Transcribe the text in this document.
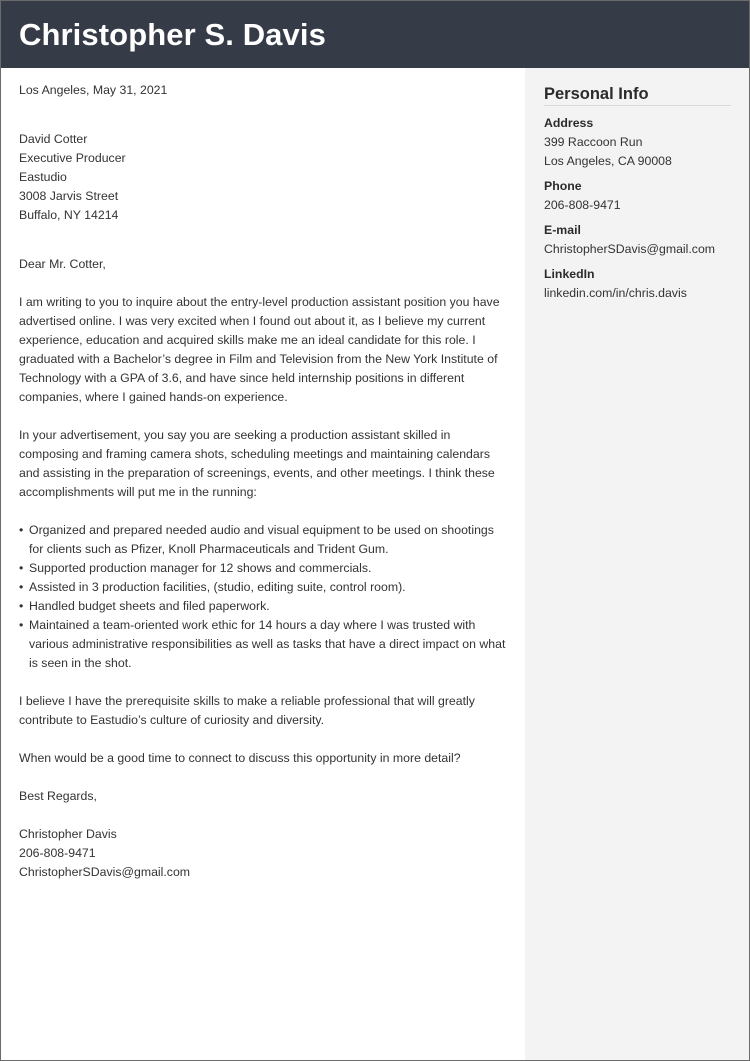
Christopher S. Davis

Los Angeles, May 31, 2021

David Cotter

Executive Producer

Eastudio

3008 Jarvis Street

Buffalo, NY 14214

Dear Mr. Cotter,

I am writing to you to inquire about the entry-level production assistant position you have advertised online. I was very excited when I found out about it, as I believe my current experience, education and acquired skills make me an ideal candidate for this role. I graduated with a Bachelor’s degree in Film and Television from the New York Institute of Technology with a GPA of 3.6, and have since held internship positions in different companies, where I gained hands-on experience.

In your advertisement, you say you are seeking a production assistant skilled in composing and framing camera shots, scheduling meetings and maintaining calendars and assisting in the preparation of screenings, events, and other meetings. I think these accomplishments will put me in the running:

• Organized and prepared needed audio and visual equipment to be used on shootings for clients such as Pfizer, Knoll Pharmaceuticals and Trident Gum.
• Supported production manager for 12 shows and commercials.
• Assisted in 3 production facilities, (studio, editing suite, control room).
• Handled budget sheets and filed paperwork.
• Maintained a team-oriented work ethic for 14 hours a day where I was trusted with various administrative responsibilities as well as tasks that have a direct impact on what is seen in the shot.

I believe I have the prerequisite skills to make a reliable professional that will greatly contribute to Eastudio’s culture of curiosity and diversity.

When would be a good time to connect to discuss this opportunity in more detail?

Best Regards,

Christopher Davis

206-808-9471

ChristopherSDavis@gmail.com

Personal Info
Address
399 Raccoon Run
Los Angeles, CA 90008
Phone
206-808-9471
E-mail
ChristopherSDavis@gmail.com
LinkedIn
linkedin.com/in/chris.davis
